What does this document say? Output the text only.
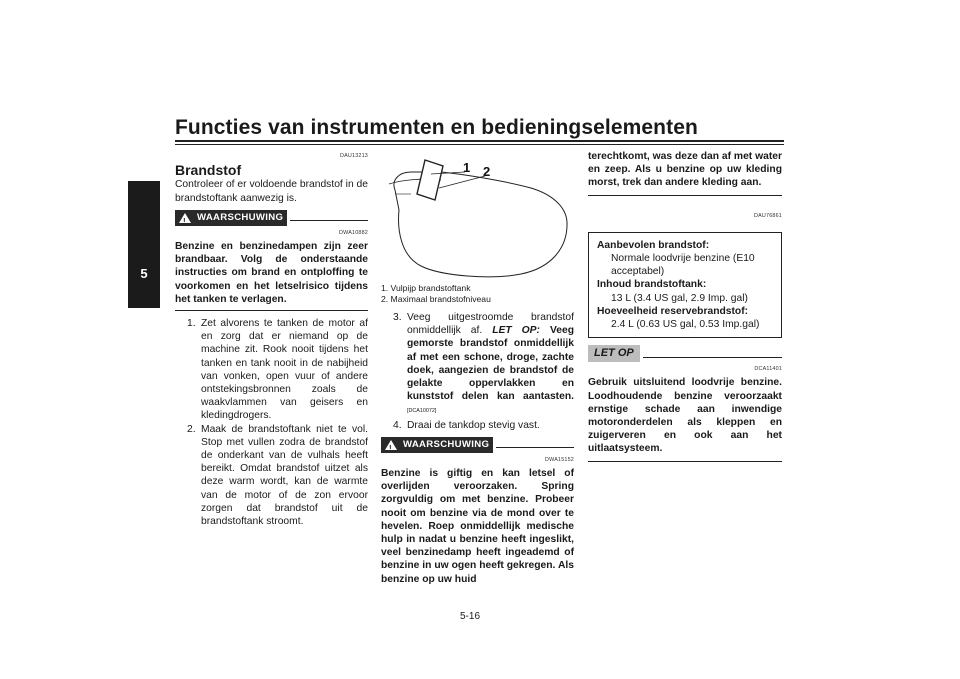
Functies van instrumenten en bedieningselementen
5
DAU13213
Brandstof
Controleer of er voldoende brandstof in de brandstoftank aanwezig is.
! WAARSCHUWING
DWA10882
Benzine en benzinedampen zijn zeer brandbaar. Volg de onderstaande instructies om brand en ontploffing te voorkomen en het letselrisico tijdens het tanken te verlagen.
1. Zet alvorens te tanken de motor af en zorg dat er niemand op de machine zit. Rook nooit tijdens het tanken en tank nooit in de nabijheid van vonken, open vuur of andere ontstekingsbronnen zoals de waakvlammen van geisers en kledingdrogers.
2. Maak de brandstoftank niet te vol. Stop met vullen zodra de brandstof de onderkant van de vulhals heeft bereikt. Omdat brandstof uitzet als deze warm wordt, kan de warmte van de motor of de zon ervoor zorgen dat brandstof uit de brandstoftank stroomt.
1 2
1. Vulpijp brandstoftank
2. Maximaal brandstofniveau
3. Veeg uitgestroomde brandstof onmiddellijk af. LET OP: Veeg gemorste brandstof onmiddellijk af met een schone, droge, zachte doek, aangezien de brandstof de gelakte oppervlakken en kunststof delen kan aantasten. [DCA10072]
4. Draai de tankdop stevig vast.
! WAARSCHUWING
DWA15152
Benzine is giftig en kan letsel of overlijden veroorzaken. Spring zorgvuldig om met benzine. Probeer nooit om benzine via de mond over te hevelen. Roep onmiddellijk medische hulp in nadat u benzine heeft ingeslikt, veel benzinedamp heeft ingeademd of benzine in uw ogen heeft gekregen. Als benzine op uw huid
terechtkomt, was deze dan af met water en zeep. Als u benzine op uw kleding morst, trek dan andere kleding aan.
DAU76861
Aanbevolen brandstof:
Normale loodvrije benzine (E10 acceptabel)
Inhoud brandstoftank:
13 L (3.4 US gal, 2.9 Imp. gal)
Hoeveelheid reservebrandstof:
2.4 L (0.63 US gal, 0.53 Imp.gal)
LET OP
DCA11401
Gebruik uitsluitend loodvrije benzine. Loodhoudende benzine veroorzaakt ernstige schade aan inwendige motoronderdelen als kleppen en zuigerveren en ook aan het uitlaatsysteem.
5-16
